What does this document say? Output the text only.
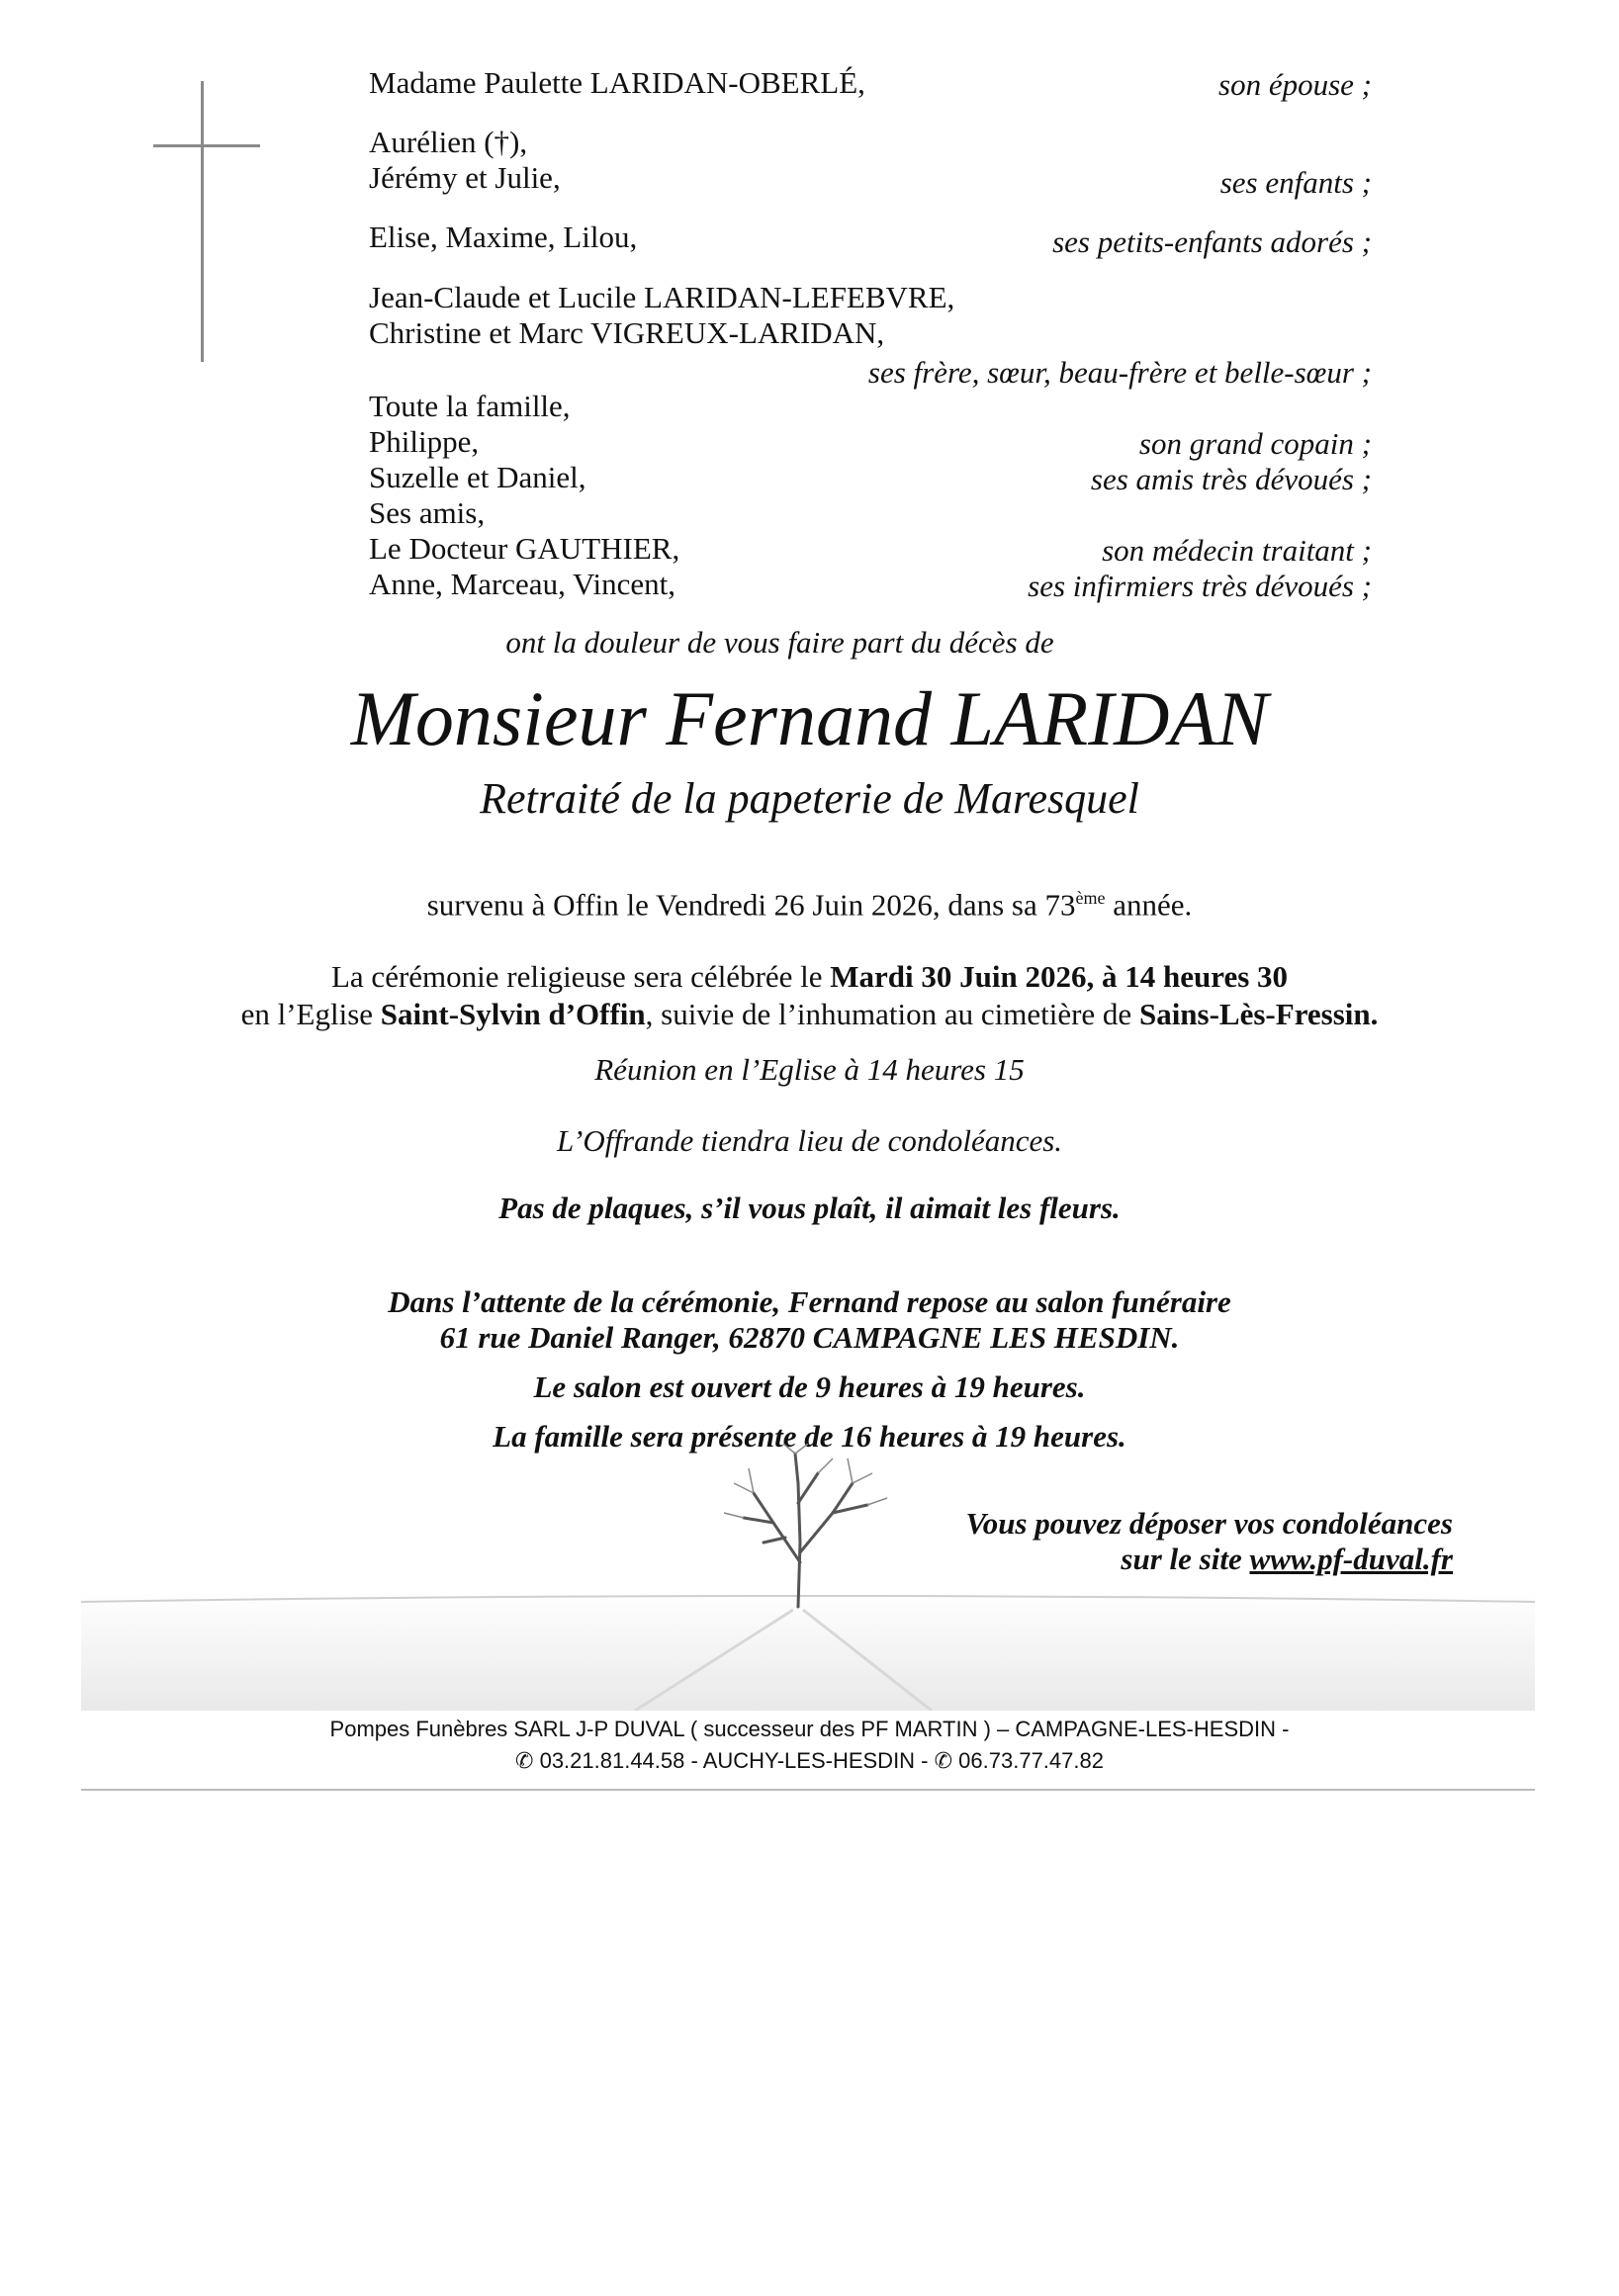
Madame Paulette LARIDAN-OBERLÉ,	son épouse ;
Aurélien (†),
Jérémy et Julie,	ses enfants ;
Elise, Maxime, Lilou,	ses petits-enfants adorés ;
Jean-Claude et Lucile LARIDAN-LEFEBVRE,
Christine et Marc VIGREUX-LARIDAN,
ses frère, sœur, beau-frère et belle-sœur ;
Toute la famille,
Philippe,	son grand copain ;
Suzelle et Daniel,	ses amis très dévoués ;
Ses amis,
Le Docteur GAUTHIER,	son médecin traitant ;
Anne, Marceau, Vincent,	ses infirmiers très dévoués ;
ont la douleur de vous faire part du décès de
Monsieur Fernand LARIDAN
Retraité de la papeterie de Maresquel
survenu à Offin le Vendredi 26 Juin 2026, dans sa 73ème année.
La cérémonie religieuse sera célébrée le Mardi 30 Juin 2026, à 14 heures 30
en l’Eglise Saint-Sylvin d’Offin, suivie de l’inhumation au cimetière de Sains-Lès-Fressin.
Réunion en l’Eglise à 14 heures 15
L’Offrande tiendra lieu de condoléances.
Pas de plaques, s’il vous plaît, il aimait les fleurs.
Dans l’attente de la cérémonie, Fernand repose au salon funéraire
61 rue Daniel Ranger, 62870 CAMPAGNE LES HESDIN.
Le salon est ouvert de 9 heures à 19 heures.
La famille sera présente de 16 heures à 19 heures.
Vous pouvez déposer vos condoléances
sur le site www.pf-duval.fr
Pompes Funèbres SARL J-P DUVAL ( successeur des PF MARTIN ) – CAMPAGNE-LES-HESDIN -
✆ 03.21.81.44.58 - AUCHY-LES-HESDIN - ✆ 06.73.77.47.82
